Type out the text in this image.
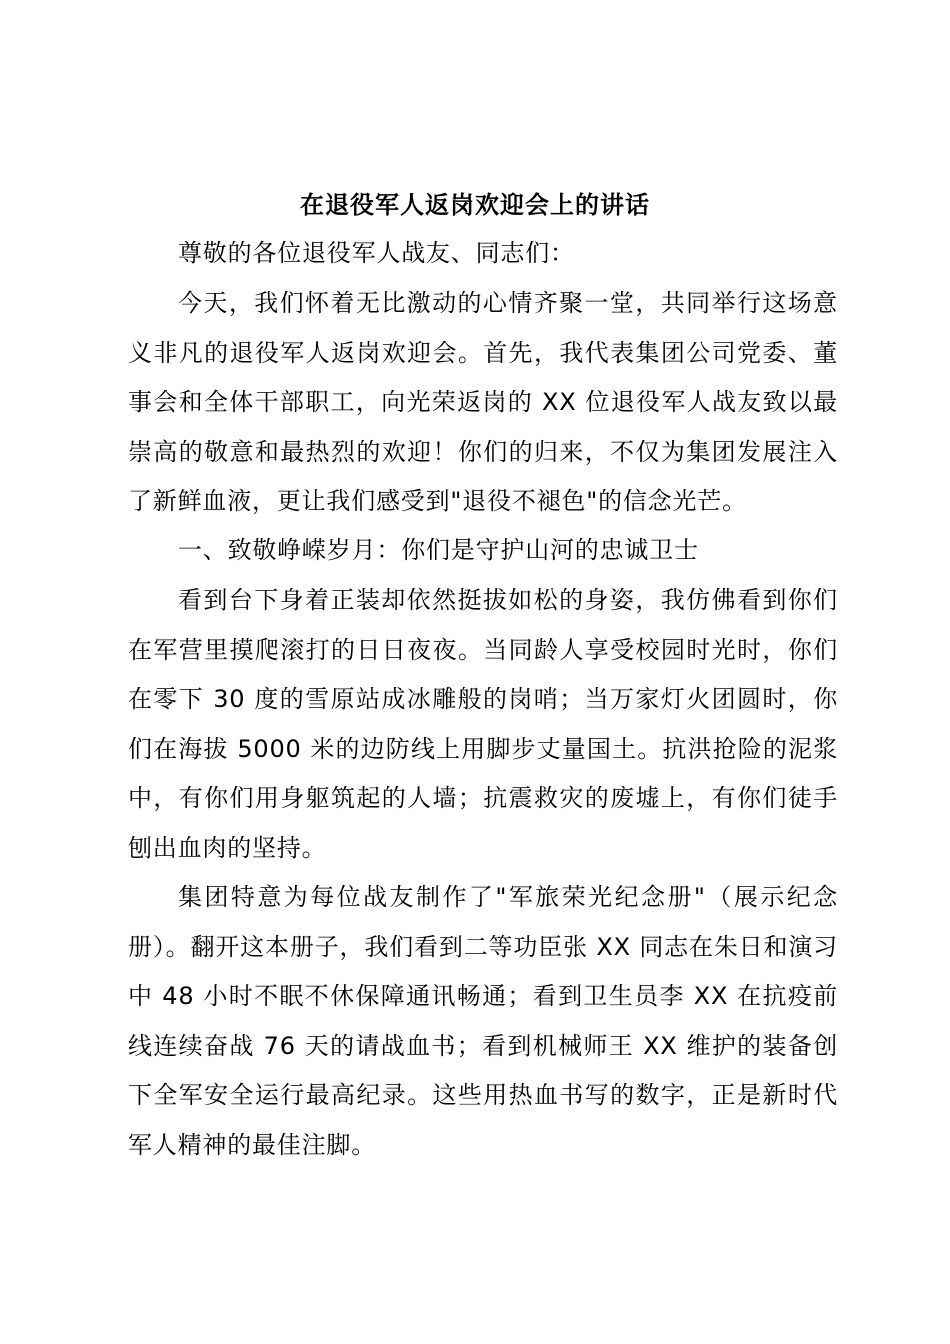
在退役军人返岗欢迎会上的讲话

尊敬的各位退役军人战友、同志们：

今天，我们怀着无比激动的心情齐聚一堂，共同举行这场意义非凡的退役军人返岗欢迎会。首先，我代表集团公司党委、董事会和全体干部职工，向光荣返岗的 XX 位退役军人战友致以最崇高的敬意和最热烈的欢迎！你们的归来，不仅为集团发展注入了新鲜血液，更让我们感受到"退役不褪色"的信念光芒。

一、致敬峥嵘岁月：你们是守护山河的忠诚卫士

看到台下身着正装却依然挺拔如松的身姿，我仿佛看到你们在军营里摸爬滚打的日日夜夜。当同龄人享受校园时光时，你们在零下 30 度的雪原站成冰雕般的岗哨；当万家灯火团圆时，你们在海拔 5000 米的边防线上用脚步丈量国土。抗洪抢险的泥浆中，有你们用身躯筑起的人墙；抗震救灾的废墟上，有你们徒手刨出血肉的坚持。

集团特意为每位战友制作了"军旅荣光纪念册"（展示纪念册）。翻开这本册子，我们看到二等功臣张 XX 同志在朱日和演习中 48 小时不眠不休保障通讯畅通；看到卫生员李 XX 在抗疫前线连续奋战 76 天的请战血书；看到机械师王 XX 维护的装备创下全军安全运行最高纪录。这些用热血书写的数字，正是新时代军人精神的最佳注脚。
